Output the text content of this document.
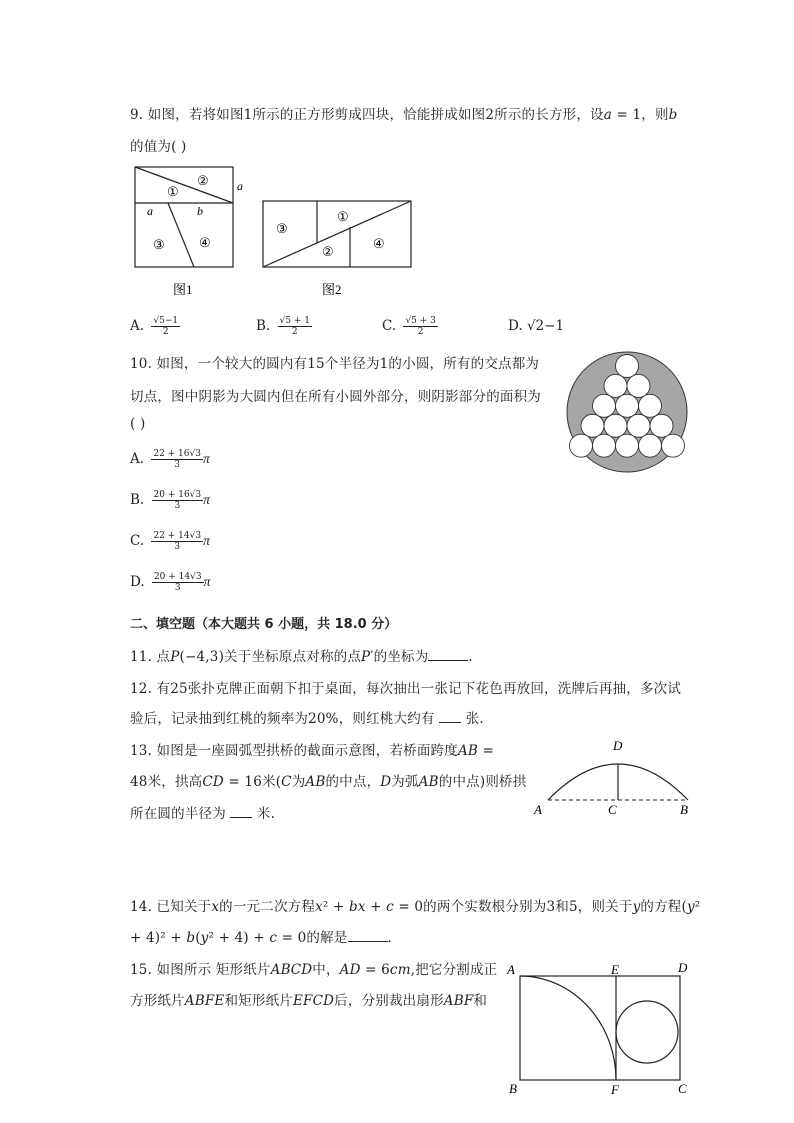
9. 如图，若将如图1所示的正方形剪成四块，恰能拼成如图2所示的长方形，设𝑎 = 1，则𝑏
的值为( )
①
② a
a	b
③	④
图1
③
①
②
④
图2
A. $\frac{√5-1}{2}$	B. $\frac{√5 + 1}{2}$	C. $\frac{√5 + 3}{2}$	D. √2−1
10. 如图，一个较大的圆内有15个半径为1的小圆，所有的交点都为
切点，图中阴影为大圆内但在所有小圆外部分，则阴影部分的面积为
( )
A. $\frac{22 + 16√3}{3}$ π
B. $\frac{20 + 16√3}{3}$ π
C. $\frac{22 + 14√3}{3}$ π
D. $\frac{20 + 14√3}{3}$ π
二、填空题（本大题共 6 小题，共 18.0 分）
11. 点𝑃(−4,3)关于坐标原点对称的点𝑃′的坐标为	.
12. 有25张扑克牌正面朝下扣于桌面，每次抽出一张记下花色再放回，洗牌后再抽，多次试
验后，记录抽到红桃的频率为20%，则红桃大约有 张.
13. 如图是一座圆弧型拱桥的截面示意图，若桥面跨度𝐴𝐵 =
48米，拱高𝐶𝐷 = 16米(𝐶为𝐴𝐵的中点，𝐷为弧𝐴𝐵的中点)则桥拱
所在圆的半径为 米.	A	C	B
D
14. 已知关于𝑥的一元二次方程𝑥² + 𝑏𝑥 + 𝑐 = 0的两个实数根分别为3和5，则关于𝑦的方程(𝑦²
+ 4)² + 𝑏(𝑦² + 4) + 𝑐 = 0的解是	.
15. 如图所示 矩形纸片𝐴𝐵𝐶𝐷中，𝐴𝐷 = 6𝑐𝑚,把它分割成正
方形纸片𝐴𝐵𝐹𝐸和矩形纸片𝐸𝐹𝐶𝐷后，分别裁出扇形𝐴𝐵𝐹和
A	E	D
B	F	C
